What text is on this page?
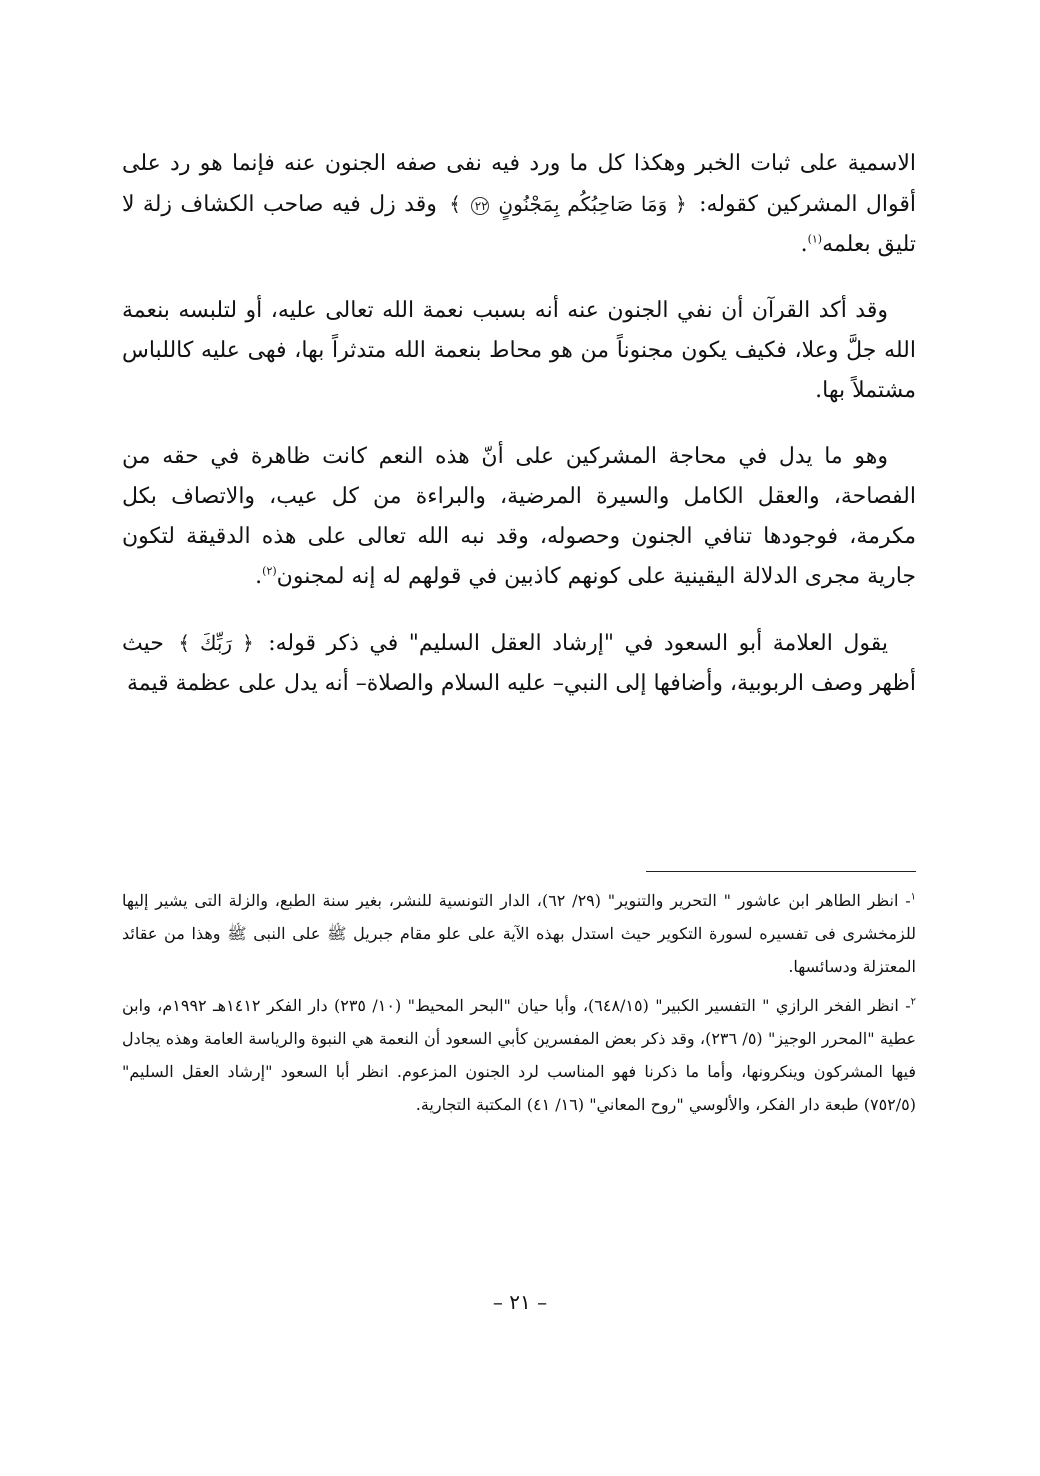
الاسمية على ثبات الخبر وهكذا كل ما ورد فيه نفى صفه الجنون عنه فإنما هو رد على أقوال المشركين كقوله: ﴿ وَمَا صَاحِبُكُم بِمَجْنُونٍ ٢٢ ﴾ وقد زل فيه صاحب الكشاف زلة لا تليق بعلمه$^{(١)}$.

وقد أكد القرآن أن نفي الجنون عنه أنه بسبب نعمة الله تعالى عليه، أو لتلبسه بنعمة الله جلَّ وعلا، فكيف يكون مجنوناً من هو محاط بنعمة الله متدثراً بها، فهى عليه كاللباس مشتملاً بها.

وهو ما يدل في محاجة المشركين على أنّ هذه النعم كانت ظاهرة في حقه من الفصاحة، والعقل الكامل والسيرة المرضية، والبراءة من كل عيب، والاتصاف بكل مكرمة، فوجودها تنافي الجنون وحصوله، وقد نبه الله تعالى على هذه الدقيقة لتكون جارية مجرى الدلالة اليقينية على كونهم كاذبين في قولهم له إنه لمجنون$^{(٢)}$.

يقول العلامة أبو السعود في "إرشاد العقل السليم" في ذكر قوله: ﴿ رَبِّكَ ﴾ حيث أظهر وصف الربوبية، وأضافها إلى النبي– عليه السلام والصلاة– أنه يدل على عظمة قيمة

$^١$- انظر الطاهر ابن عاشور " التحرير والتنوير" (٢٩/ ٦٢)، الدار التونسية للنشر، بغير سنة الطبع، والزلة التى يشير إليها للزمخشرى فى تفسيره لسورة التكوير حيث استدل بهذه الآية على علو مقام جبريل ﷺ على النبى ﷺ وهذا من عقائد المعتزلة ودسائسها.

$^٢$- انظر الفخر الرازي " التفسير الكبير" (٦٤٨/١٥)، وأبا حيان "البحر المحيط" (١٠/ ٢٣٥) دار الفكر ١٤١٢هـ ١٩٩٢م، وابن عطية "المحرر الوجيز" (٥/ ٢٣٦)، وقد ذكر بعض المفسرين كأبي السعود أن النعمة هي النبوة والرياسة العامة وهذه يجادل فيها المشركون وينكرونها، وأما ما ذكرنا فهو المناسب لرد الجنون المزعوم. انظر أبا السعود "إرشاد العقل السليم" (٧٥٢/٥) طبعة دار الفكر، والألوسي "روح المعاني" (١٦/ ٤١) المكتبة التجارية.

– ٢١ –
